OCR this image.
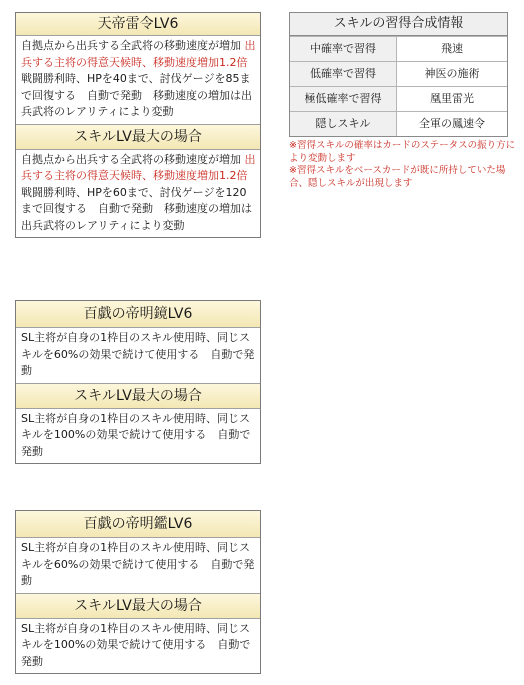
天帝雷令LV6
自拠点から出兵する全武将の移動速度が増加 出兵する主将の得意天候時、移動速度増加1.2倍 戦闘勝利時、HPを40まで、討伐ゲージを85まで回復する　自動で発動　移動速度の増加は出兵武将のレアリティにより変動
スキルLV最大の場合
自拠点から出兵する全武将の移動速度が増加 出兵する主将の得意天候時、移動速度増加1.2倍 戦闘勝利時、HPを60まで、討伐ゲージを120まで回復する　自動で発動　移動速度の増加は出兵武将のレアリティにより変動
百戯の帝明鏡LV6
SL主将が自身の1枠目のスキル使用時、同じスキルを60%の効果で続けて使用する　自動で発動
スキルLV最大の場合
SL主将が自身の1枠目のスキル使用時、同じスキルを100%の効果で続けて使用する　自動で発動
百戯の帝明鑑LV6
SL主将が自身の1枠目のスキル使用時、同じスキルを60%の効果で続けて使用する　自動で発動
スキルLV最大の場合
SL主将が自身の1枠目のスキル使用時、同じスキルを100%の効果で続けて使用する　自動で発動
スキルの習得合成情報
中確率で習得	飛速
低確率で習得	神医の施術
極低確率で習得	凰里雷光
隠しスキル	全軍の鳳速令
※習得スキルの確率はカードのステータスの振り方により変動します
※習得スキルをベースカードが既に所持していた場合、隠しスキルが出現します
